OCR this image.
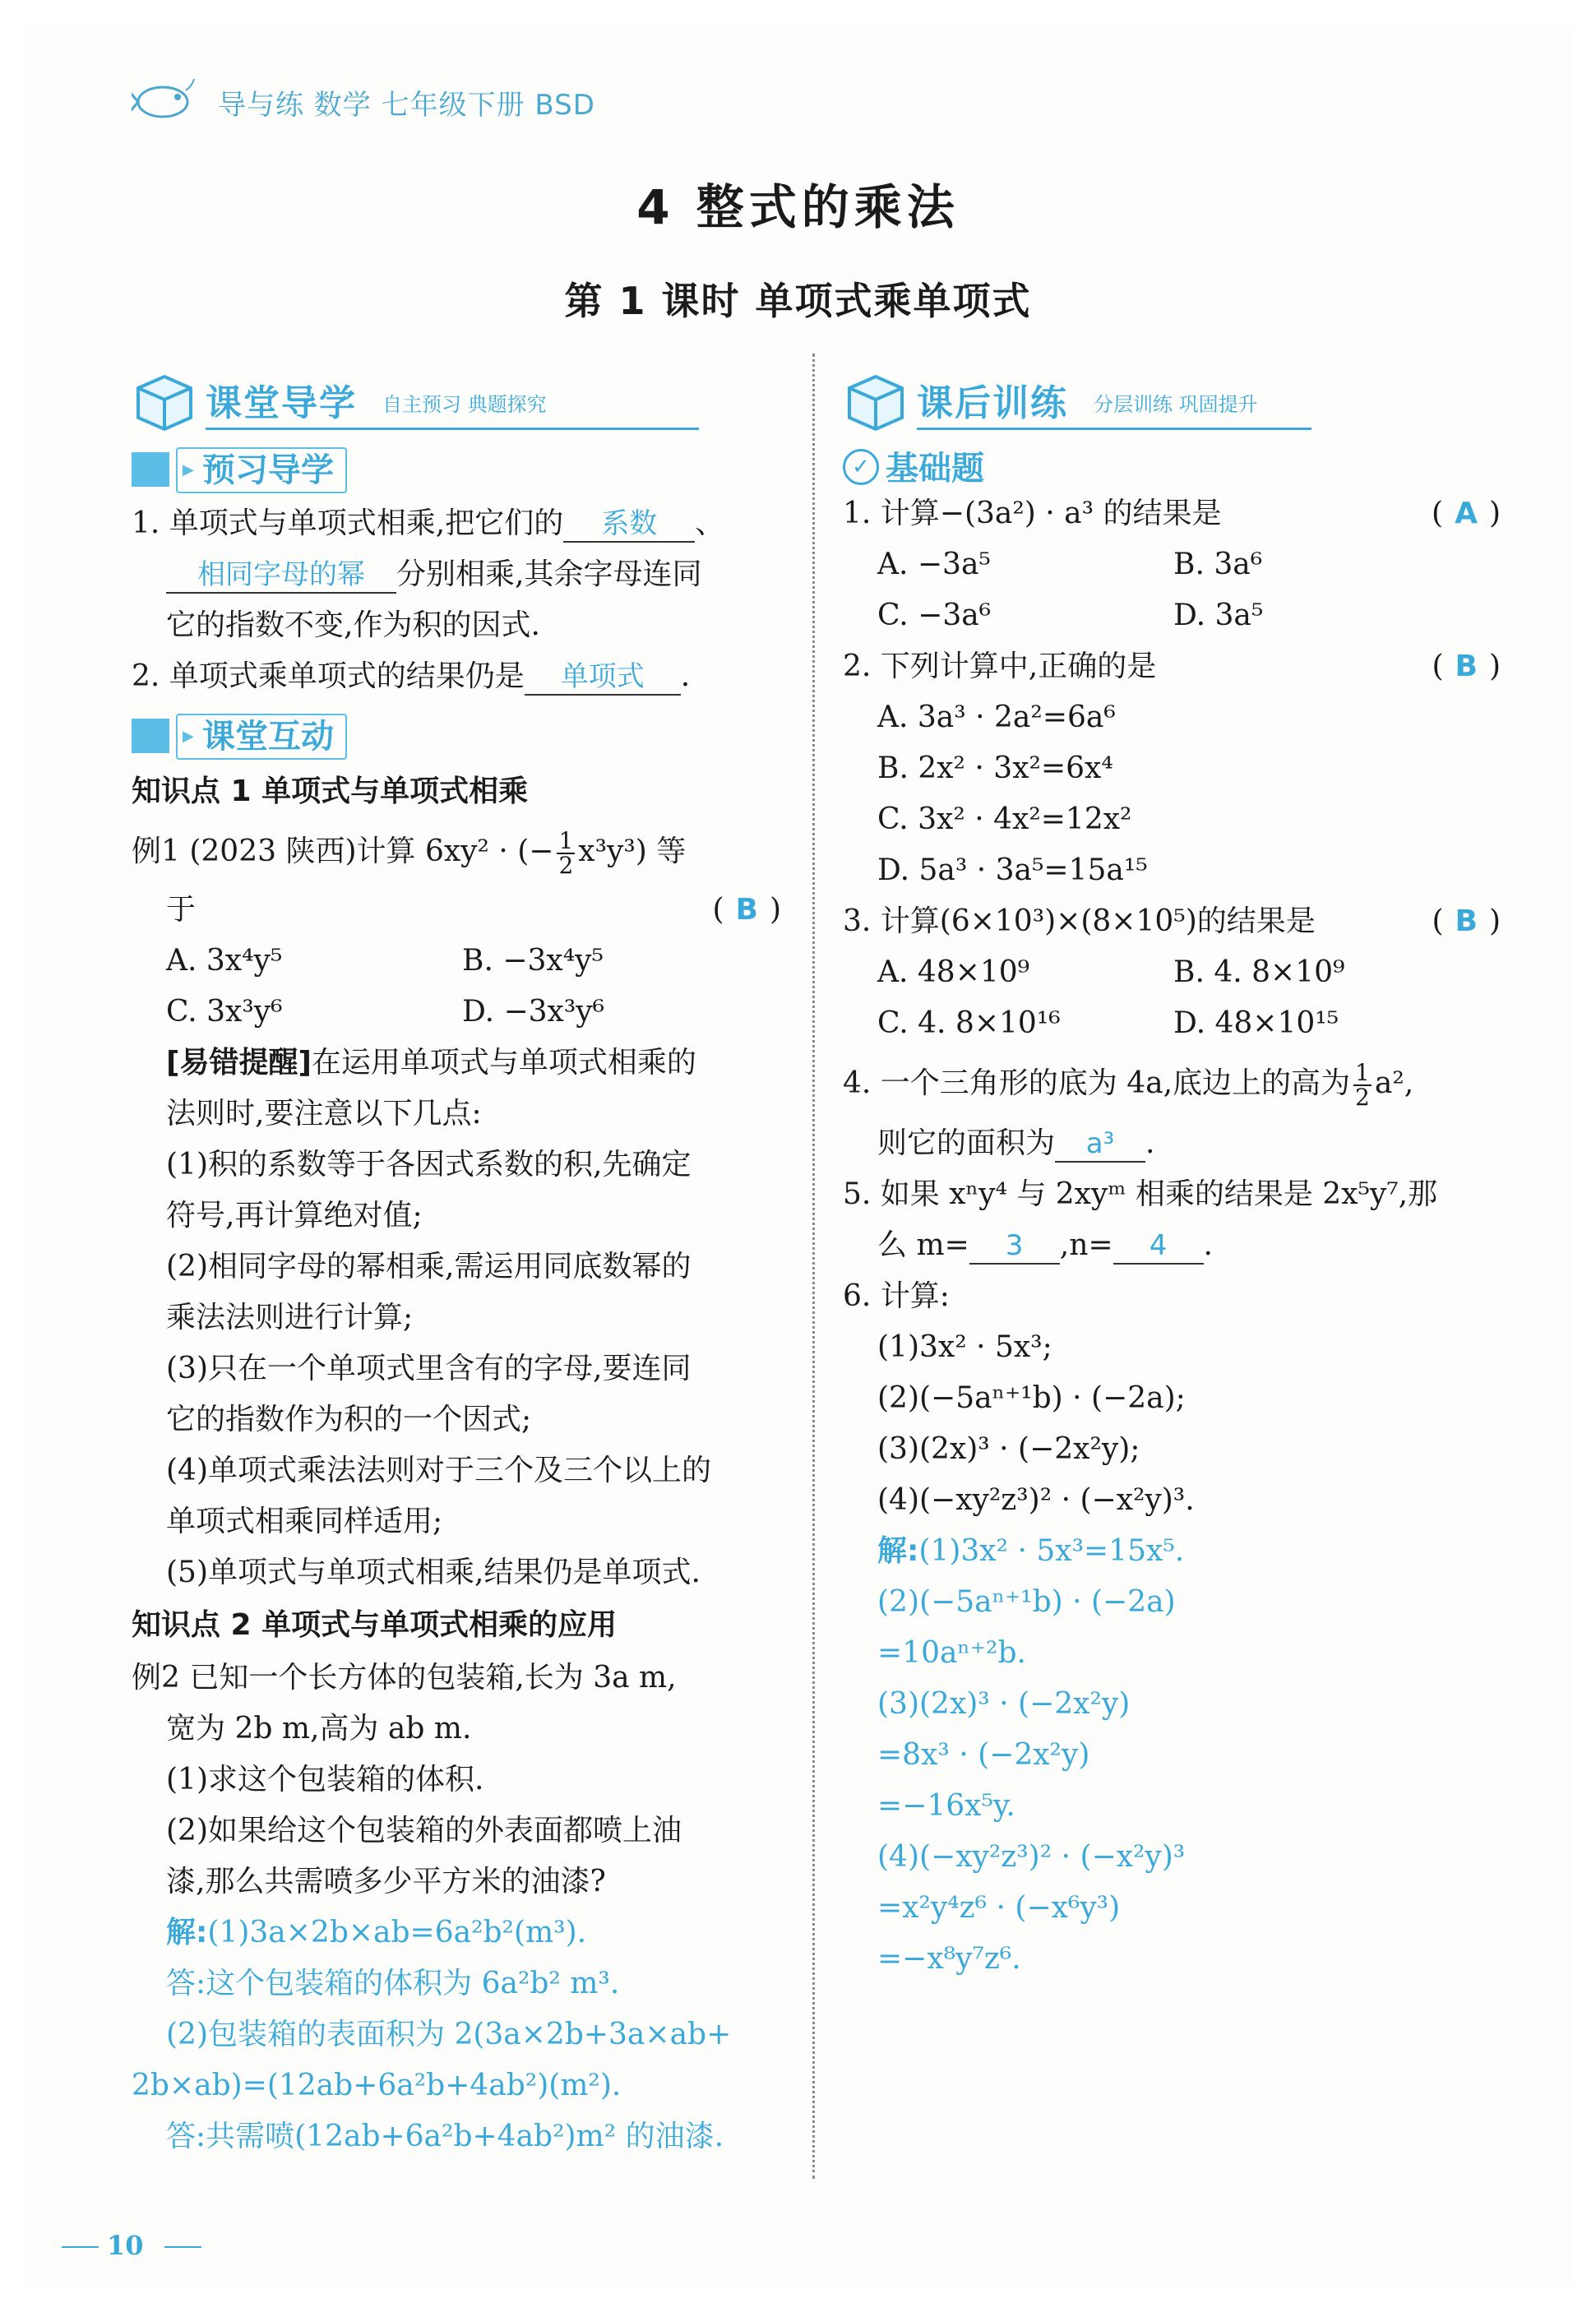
导与练 数学 七年级下册 BSD
4 整式的乘法
第 1 课时 单项式乘单项式
课堂导学 自主预习 典题探究
▶ 预习导学
1. 单项式与单项式相乘,把它们的 系数 、
相同字母的幂 分别相乘,其余字母连同
它的指数不变,作为积的因式.
2. 单项式乘单项式的结果仍是 单项式 .
▶ 课堂互动
知识点 1 单项式与单项式相乘
例1 (2023 陕西)计算 6xy² · (− $\frac{1}{2} x^3y^3$) 等
于	( B )
A. 3x⁴y⁵	B. −3x⁴y⁵
C. 3x³y⁶	D. −3x³y⁶
[易错提醒]在运用单项式与单项式相乘的
法则时,要注意以下几点:
(1)积的系数等于各因式系数的积,先确定
符号,再计算绝对值;
(2)相同字母的幂相乘,需运用同底数幂的
乘法法则进行计算;
(3)只在一个单项式里含有的字母,要连同
它的指数作为积的一个因式;
(4)单项式乘法法则对于三个及三个以上的
单项式相乘同样适用;
(5)单项式与单项式相乘,结果仍是单项式.
知识点 2 单项式与单项式相乘的应用
例2 已知一个长方体的包装箱,长为 3a m,
宽为 2b m,高为 ab m.
(1)求这个包装箱的体积.
(2)如果给这个包装箱的外表面都喷上油
漆,那么共需喷多少平方米的油漆?
解:(1)3a×2b×ab=6a²b²(m³).
答:这个包装箱的体积为 6a²b² m³.
(2)包装箱的表面积为 2(3a×2b+3a×ab+
2b×ab)=(12ab+6a²b+4ab²)(m²).
答:共需喷(12ab+6a²b+4ab²)m² 的油漆.
课后训练 分层训练 巩固提升
✓ 基础题
1. 计算−(3a²) · a³ 的结果是	( A )
A. −3a⁵	B. 3a⁶
C. −3a⁶	D. 3a⁵
2. 下列计算中,正确的是	( B )
A. 3a³ · 2a²=6a⁶
B. 2x² · 3x²=6x⁴
C. 3x² · 4x²=12x²
D. 5a³ · 3a⁵=15a¹⁵
3. 计算(6×10³)×(8×10⁵)的结果是	( B )
A. 48×10⁹	B. 4. 8×10⁹
C. 4. 8×10¹⁶	D. 48×10¹⁵
4. 一个三角形的底为 4a,底边上的高为 $\frac{1}{2} a^2$,
则它的面积为 a³ .
5. 如果 xⁿy⁴ 与 2xyᵐ 相乘的结果是 2x⁵y⁷,那
么 m= 3 ,n= 4 .
6. 计算:
(1)3x² · 5x³;
(2)(−5aⁿ⁺¹b) · (−2a);
(3)(2x)³ · (−2x²y);
(4)(−xy²z³)² · (−x²y)³.
解:(1)3x² · 5x³=15x⁵.
(2)(−5aⁿ⁺¹b) · (−2a)
=10aⁿ⁺²b.
(3)(2x)³ · (−2x²y)
=8x³ · (−2x²y)
=−16x⁵y.
(4)(−xy²z³)² · (−x²y)³
=x²y⁴z⁶ · (−x⁶y³)
=−x⁸y⁷z⁶.
10
